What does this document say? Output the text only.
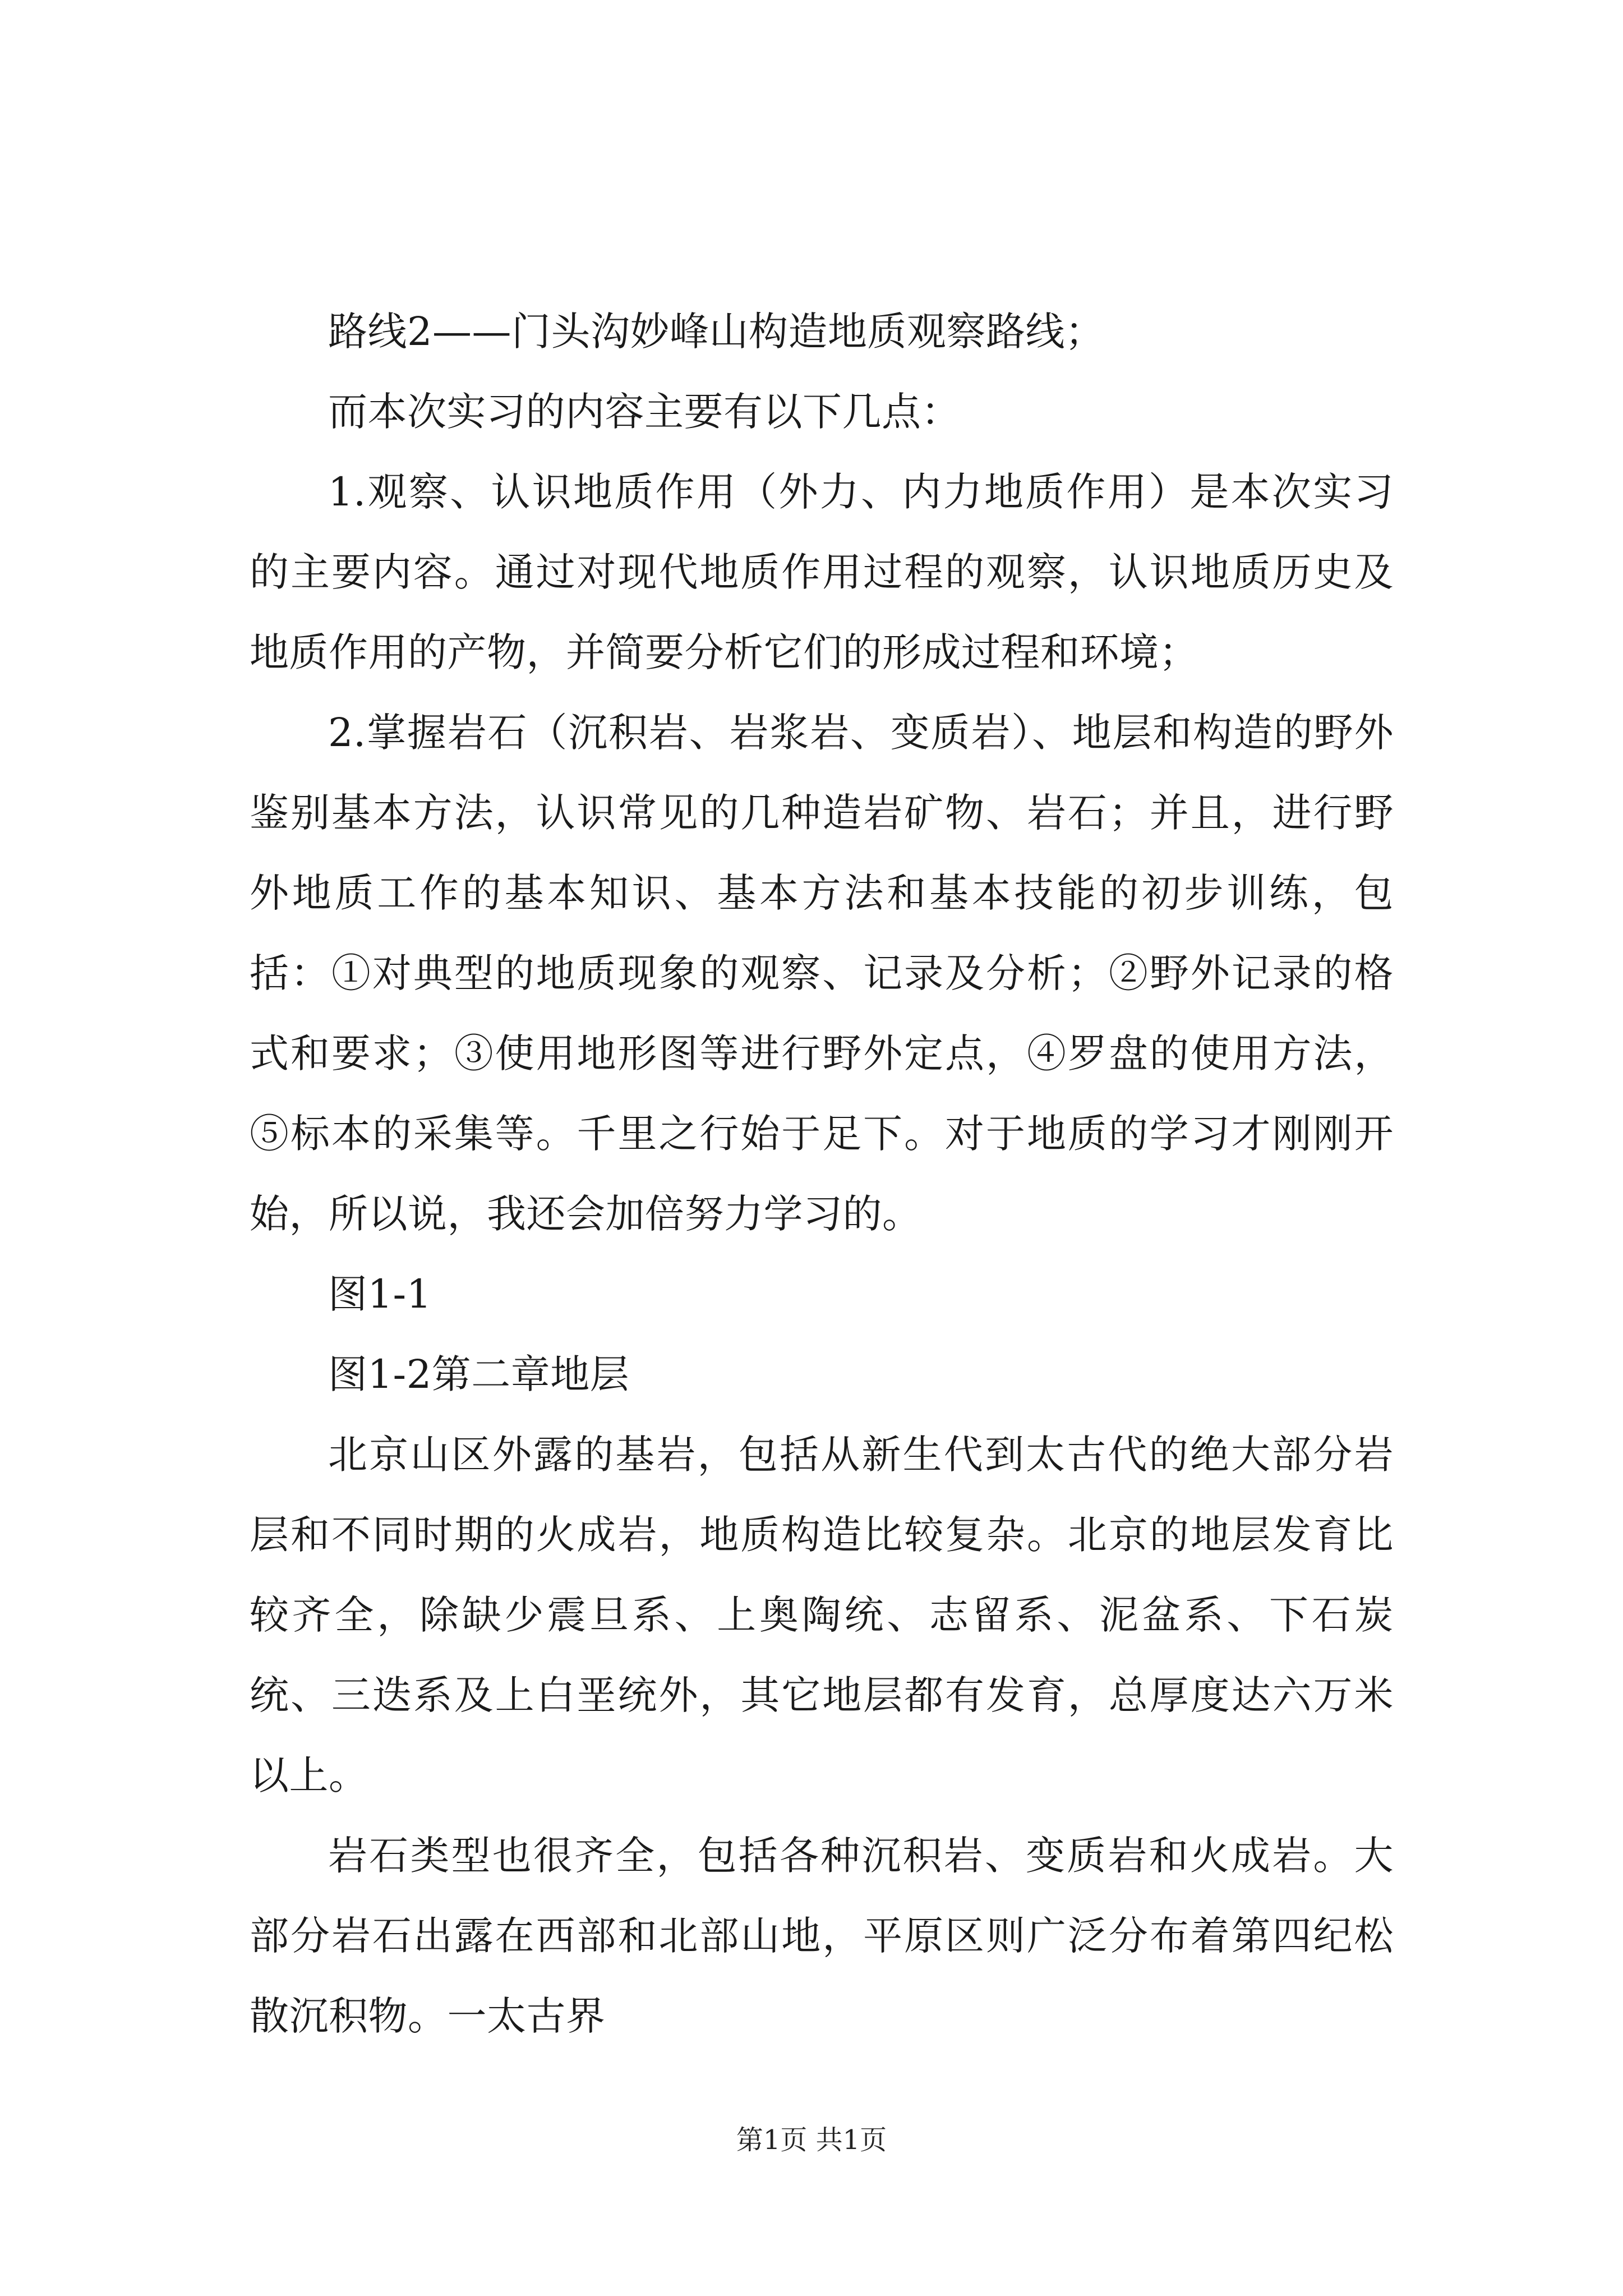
路线2——门头沟妙峰山构造地质观察路线；

而本次实习的内容主要有以下几点：

1.观察、认识地质作用（外力、内力地质作用）是本次实习的主要内容。通过对现代地质作用过程的观察，认识地质历史及地质作用的产物，并简要分析它们的形成过程和环境；

2.掌握岩石（沉积岩、岩浆岩、变质岩）、地层和构造的野外鉴别基本方法，认识常见的几种造岩矿物、岩石；并且，进行野外地质工作的基本知识、基本方法和基本技能的初步训练，包括：①对典型的地质现象的观察、记录及分析；②野外记录的格式和要求；③使用地形图等进行野外定点，④罗盘的使用方法，⑤标本的采集等。千里之行始于足下。对于地质的学习才刚刚开始，所以说，我还会加倍努力学习的。

图1-1

图1-2第二章地层

北京山区外露的基岩，包括从新生代到太古代的绝大部分岩层和不同时期的火成岩，地质构造比较复杂。北京的地层发育比较齐全，除缺少震旦系、上奥陶统、志留系、泥盆系、下石炭统、三迭系及上白垩统外，其它地层都有发育，总厚度达六万米以上。

岩石类型也很齐全，包括各种沉积岩、变质岩和火成岩。大部分岩石出露在西部和北部山地，平原区则广泛分布着第四纪松散沉积物。一太古界

第1页 共1页
